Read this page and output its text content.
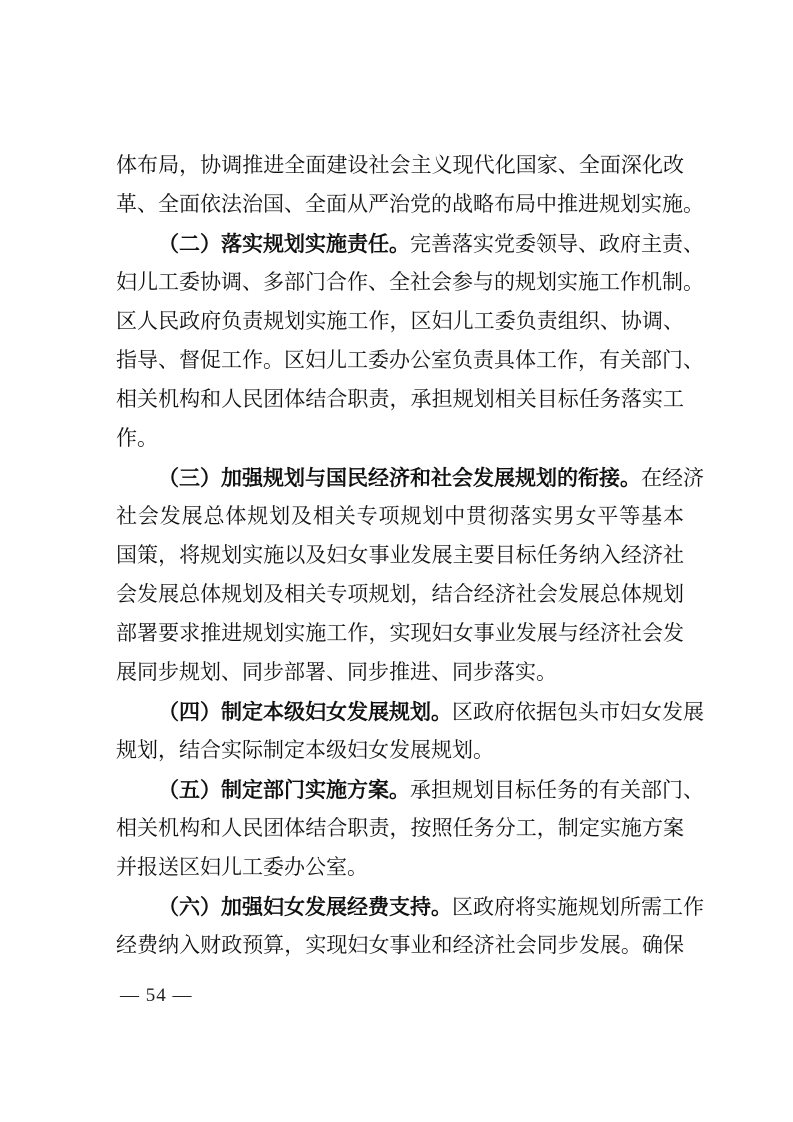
体布局，协调推进全面建设社会主义现代化国家、全面深化改
革、全面依法治国、全面从严治党的战略布局中推进规划实施。
（二）落实规划实施责任。完善落实党委领导、政府主责、
妇儿工委协调、多部门合作、全社会参与的规划实施工作机制。
区人民政府负责规划实施工作，区妇儿工委负责组织、协调、
指导、督促工作。区妇儿工委办公室负责具体工作，有关部门、
相关机构和人民团体结合职责，承担规划相关目标任务落实工
作。
（三）加强规划与国民经济和社会发展规划的衔接。在经济
社会发展总体规划及相关专项规划中贯彻落实男女平等基本
国策，将规划实施以及妇女事业发展主要目标任务纳入经济社
会发展总体规划及相关专项规划，结合经济社会发展总体规划
部署要求推进规划实施工作，实现妇女事业发展与经济社会发
展同步规划、同步部署、同步推进、同步落实。
（四）制定本级妇女发展规划。区政府依据包头市妇女发展
规划，结合实际制定本级妇女发展规划。
（五）制定部门实施方案。承担规划目标任务的有关部门、
相关机构和人民团体结合职责，按照任务分工，制定实施方案
并报送区妇儿工委办公室。
（六）加强妇女发展经费支持。区政府将实施规划所需工作
经费纳入财政预算，实现妇女事业和经济社会同步发展。确保
— 54 —
